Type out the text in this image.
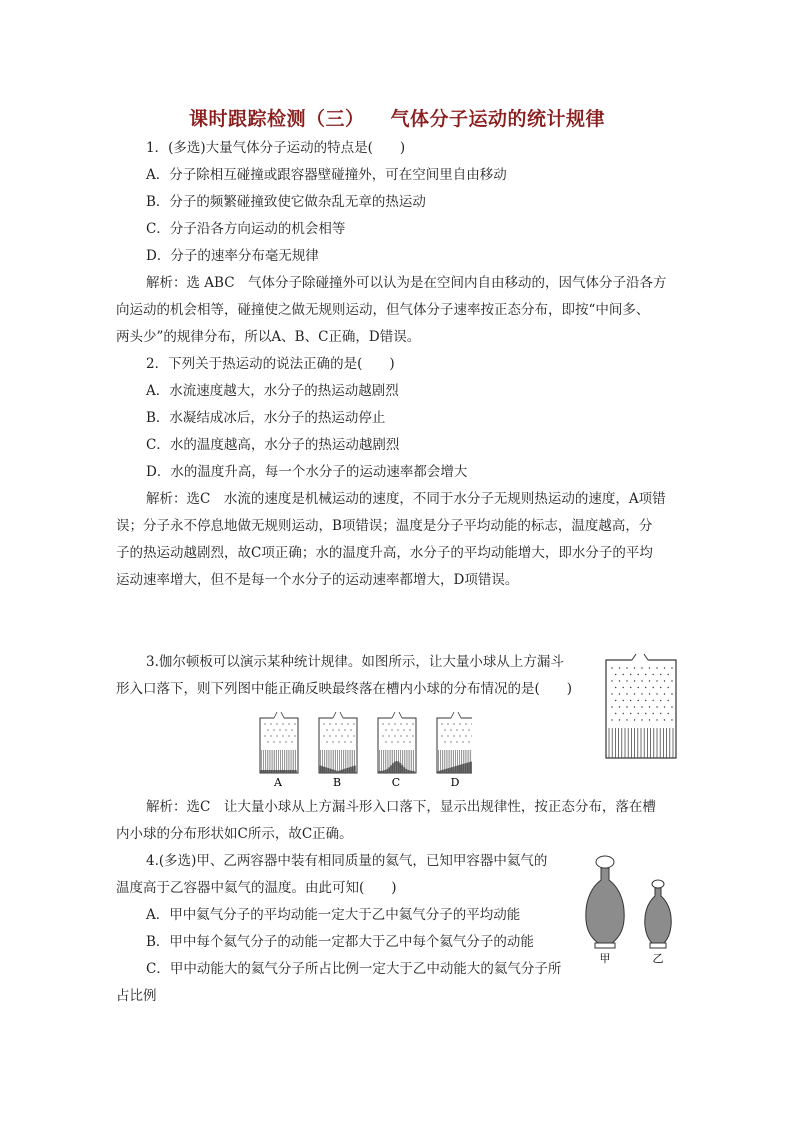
课时跟踪检测（三） 气体分子运动的统计规律
1．(多选)大量气体分子运动的特点是(　　)
A．分子除相互碰撞或跟容器壁碰撞外，可在空间里自由移动
B．分子的频繁碰撞致使它做杂乱无章的热运动
C．分子沿各方向运动的机会相等
D．分子的速率分布毫无规律
解析：选 ABC　气体分子除碰撞外可以认为是在空间内自由移动的，因气体分子沿各方
向运动的机会相等，碰撞使之做无规则运动，但气体分子速率按正态分布，即按“中间多、
两头少”的规律分布，所以A、B、C正确，D错误。
2．下列关于热运动的说法正确的是(　　)
A．水流速度越大，水分子的热运动越剧烈
B．水凝结成冰后，水分子的热运动停止
C．水的温度越高，水分子的热运动越剧烈
D．水的温度升高，每一个水分子的运动速率都会增大
解析：选C　水流的速度是机械运动的速度，不同于水分子无规则热运动的速度，A项错
误；分子永不停息地做无规则运动，B项错误；温度是分子平均动能的标志，温度越高，分
子的热运动越剧烈，故C项正确；水的温度升高，水分子的平均动能增大，即水分子的平均
运动速率增大，但不是每一个水分子的运动速率都增大，D项错误。
3.伽尔顿板可以演示某种统计规律。如图所示，让大量小球从上方漏斗
形入口落下，则下列图中能正确反映最终落在槽内小球的分布情况的是(　　)
A	B	C	D
解析：选C　让大量小球从上方漏斗形入口落下，显示出规律性，按正态分布，落在槽
内小球的分布形状如C所示，故C正确。
4.(多选)甲、乙两容器中装有相同质量的氦气，已知甲容器中氦气的
温度高于乙容器中氦气的温度。由此可知(　　)
A．甲中氦气分子的平均动能一定大于乙中氦气分子的平均动能
B．甲中每个氦气分子的动能一定都大于乙中每个氦气分子的动能
C．甲中动能大的氦气分子所占比例一定大于乙中动能大的氦气分子所
占比例
甲	乙
